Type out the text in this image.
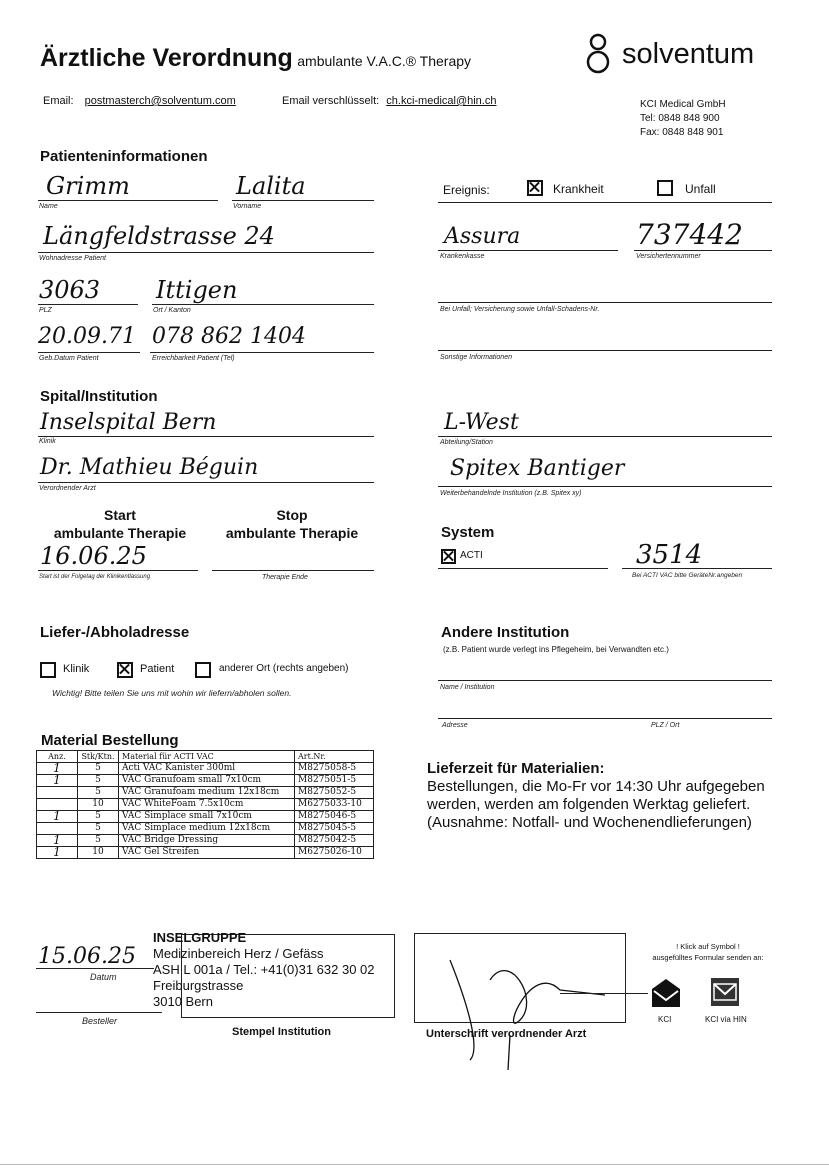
Ärztliche Verordnung ambulante V.A.C.® Therapy	solventum
Email: postmasterch@solventum.com	Email verschlüsselt: ch.kci-medical@hin.ch	KCI Medical GmbH
Tel: 0848 848 900
Fax: 0848 848 901
Patienteninformationen
Grimm
Name
Lalita
Vorname
Längfeldstrasse 24
Wohnadresse Patient
3063
PLZ
Ittigen
Ort / Kanton
20.09.71
Geb.Datum Patient
078 862 1404
Erreichbarkeit Patient (Tel)
Ereignis:	Krankheit	Unfall
Assura
Krankenkasse
737442
Versichertennummer
Bei Unfall; Versicherung sowie Unfall-Schadens-Nr.
Sonstige Informationen
Spital/Institution
Inselspital Bern
Klinik
Dr. Mathieu Béguin
Verordnender Arzt
L-West
Abteilung/Station
Spitex Bantiger
Weiterbehandelnde Institution (z.B. Spitex xy)
Start
ambulante Therapie
Stop
ambulante Therapie
16.06.25
Start ist der Folgetag der Klinikentlassung	Therapie Ende
System
ACTI	3514
Bei ACTI VAC bitte GeräteNr.angeben
Liefer-/Abholadresse
Klinik	Patient	anderer Ort (rechts angeben)
Wichtig! Bitte teilen Sie uns mit wohin wir liefern/abholen sollen.
Andere Institution
(z.B. Patient wurde verlegt ins Pflegeheim, bei Verwandten etc.)
Name / Institution
Adresse	PLZ / Ort
Material Bestellung
Anz.	Stk/Ktn.	Material für ACTI VAC	Art.Nr.
1	5	Acti VAC Kanister 300ml	M8275058-5
1	5	VAC Granufoam small 7x10cm	M8275051-5
	5	VAC Granufoam medium 12x18cm	M8275052-5
	10	VAC WhiteFoam 7.5x10cm	M6275033-10
1	5	VAC Simplace small 7x10cm	M8275046-5
	5	VAC Simplace medium 12x18cm	M8275045-5
1	5	VAC Bridge Dressing	M8275042-5
1	10	VAC Gel Streifen	M6275026-10
Lieferzeit für Materialien:
Bestellungen, die Mo-Fr vor 14:30 Uhr aufgegeben
werden, werden am folgenden Werktag geliefert.
(Ausnahme: Notfall- und Wochenendlieferungen)
15.06.25
Datum
Besteller
INSELGRUPPE
Medizinbereich Herz / Gefäss
ASH L 001a / Tel.: +41(0)31 632 30 02
Freiburgstrasse
3010 Bern
Stempel Institution	Unterschrift verordnender Arzt
! Klick auf Symbol !
ausgefülltes Formular senden an:
KCI	KCI via HIN
